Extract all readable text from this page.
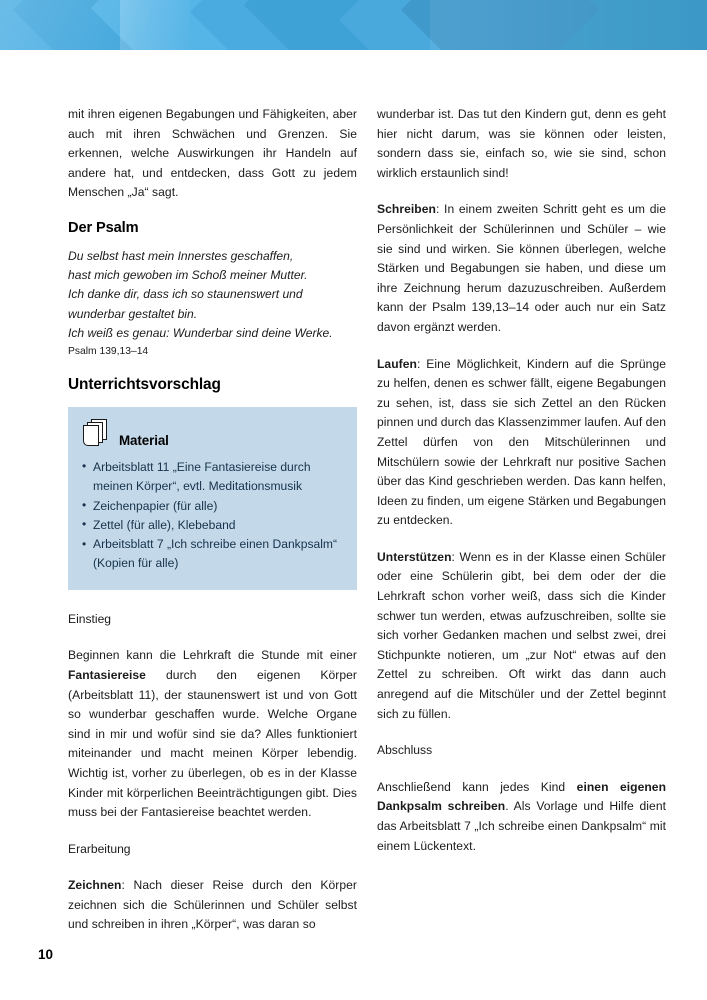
mit ihren eigenen Begabungen und Fähigkeiten, aber auch mit ihren Schwächen und Grenzen. Sie erkennen, welche Auswirkungen ihr Handeln auf andere hat, und entdecken, dass Gott zu jedem Menschen „Ja“ sagt.

Der Psalm
Du selbst hast mein Innerstes geschaffen,
hast mich gewoben im Schoß meiner Mutter.
Ich danke dir, dass ich so staunenswert und
wunderbar gestaltet bin.
Ich weiß es genau: Wunderbar sind deine Werke.
Psalm 139,13–14
Unterrichtsvorschlag
Material
• Arbeitsblatt 11 „Eine Fantasiereise durch meinen Körper“, evtl. Meditationsmusik
• Zeichenpapier (für alle)
• Zettel (für alle), Klebeband
• Arbeitsblatt 7 „Ich schreibe einen Dankpsalm“ (Kopien für alle)
Einstieg

Beginnen kann die Lehrkraft die Stunde mit einer Fantasiereise durch den eigenen Körper (Arbeitsblatt 11), der staunenswert ist und von Gott so wunderbar geschaffen wurde. Welche Organe sind in mir und wofür sind sie da? Alles funktioniert miteinander und macht meinen Körper lebendig. Wichtig ist, vorher zu überlegen, ob es in der Klasse Kinder mit körperlichen Beeinträchtigungen gibt. Dies muss bei der Fantasiereise beachtet werden.

Erarbeitung

Zeichnen: Nach dieser Reise durch den Körper zeichnen sich die Schülerinnen und Schüler selbst und schreiben in ihren „Körper“, was daran so

wunderbar ist. Das tut den Kindern gut, denn es geht hier nicht darum, was sie können oder leisten, sondern dass sie, einfach so, wie sie sind, schon wirklich erstaunlich sind!

Schreiben: In einem zweiten Schritt geht es um die Persönlichkeit der Schülerinnen und Schüler – wie sie sind und wirken. Sie können überlegen, welche Stärken und Begabungen sie haben, und diese um ihre Zeichnung herum dazuzuschreiben. Außerdem kann der Psalm 139,13–14 oder auch nur ein Satz davon ergänzt werden.

Laufen: Eine Möglichkeit, Kindern auf die Sprünge zu helfen, denen es schwer fällt, eigene Begabungen zu sehen, ist, dass sie sich Zettel an den Rücken pinnen und durch das Klassenzimmer laufen. Auf den Zettel dürfen von den Mitschülerinnen und Mitschülern sowie der Lehrkraft nur positive Sachen über das Kind geschrieben werden. Das kann helfen, Ideen zu finden, um eigene Stärken und Begabungen zu entdecken.

Unterstützen: Wenn es in der Klasse einen Schüler oder eine Schülerin gibt, bei dem oder der die Lehrkraft schon vorher weiß, dass sich die Kinder schwer tun werden, etwas aufzuschreiben, sollte sie sich vorher Gedanken machen und selbst zwei, drei Stichpunkte notieren, um „zur Not“ etwas auf den Zettel zu schreiben. Oft wirkt das dann auch anregend auf die Mitschüler und der Zettel beginnt sich zu füllen.

Abschluss

Anschließend kann jedes Kind einen eigenen Dankpsalm schreiben. Als Vorlage und Hilfe dient das Arbeitsblatt 7 „Ich schreibe einen Dankpsalm“ mit einem Lückentext.

10
